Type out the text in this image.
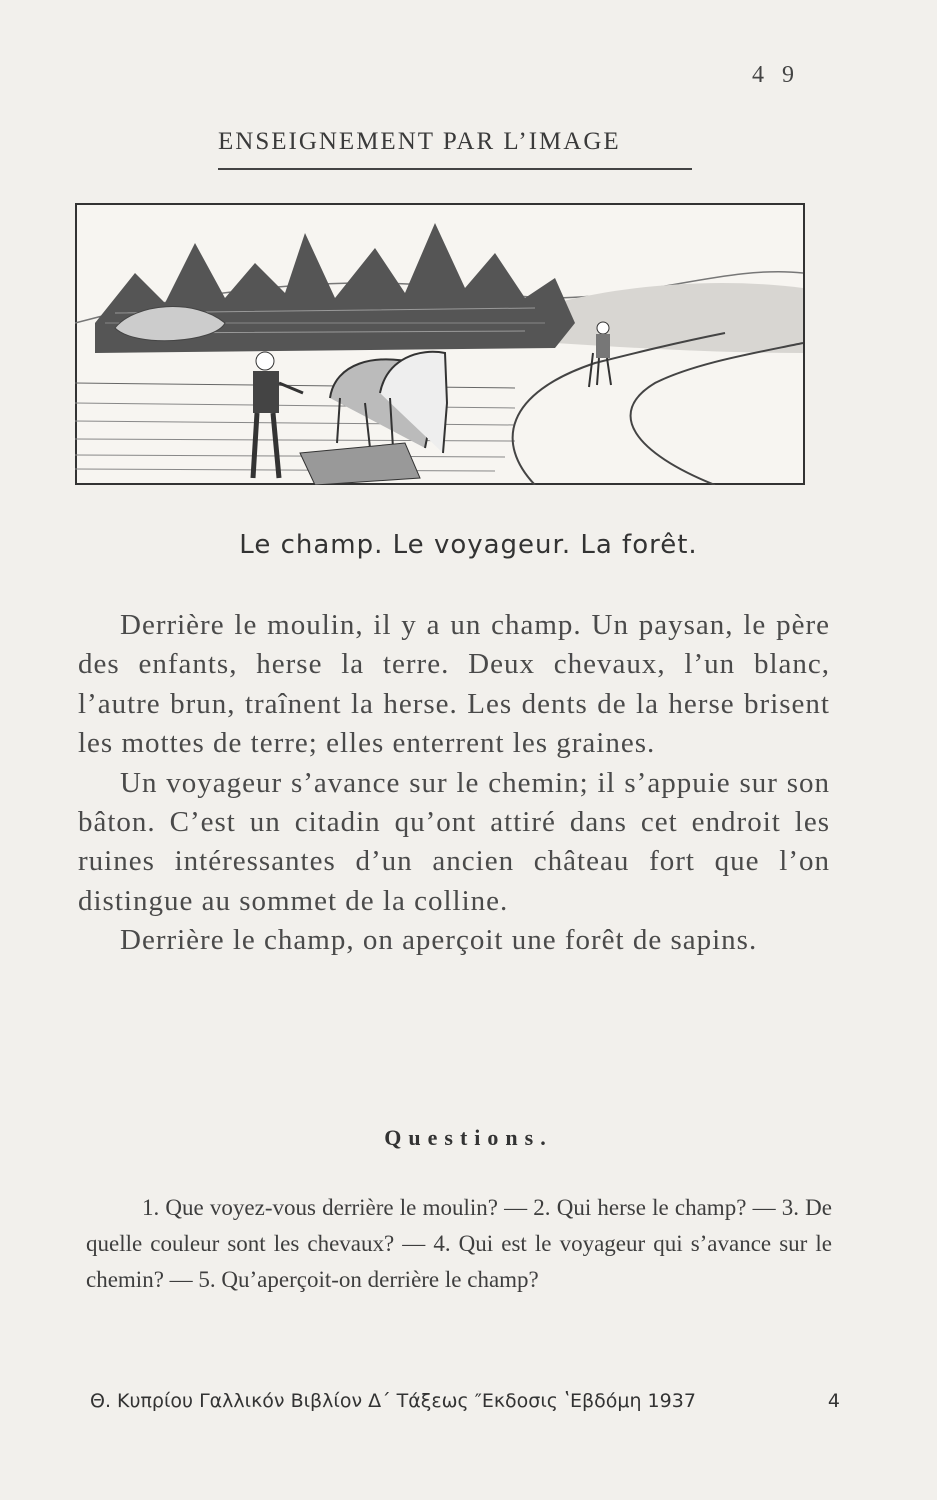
4 9
ENSEIGNEMENT PAR L’IMAGE
Le champ. Le voyageur. La forêt.

Derrière le moulin, il y a un champ. Un paysan, le père des enfants, herse la terre. Deux chevaux, l’un blanc, l’autre brun, traînent la herse. Les dents de la herse brisent les mottes de terre; elles enterrent les graines.

Un voyageur s’avance sur le chemin; il s’appuie sur son bâton. C’est un citadin qu’ont attiré dans cet endroit les ruines intéressantes d’un ancien château fort que l’on distingue au sommet de la colline.

Derrière le champ, on aperçoit une forêt de sapins.

Questions.

1. Que voyez-vous derrière le moulin? — 2. Qui herse le champ? — 3. De quelle couleur sont les chevaux? — 4. Qui est le voyageur qui s’avance sur le chemin? — 5. Qu’aperçoit-on derrière le champ?

Θ. Κυπρίου Γαλλικόν Βιβλίον Δ΄ Τάξεως ″Εκδοσις ʽΕβδόμη 1937	4
